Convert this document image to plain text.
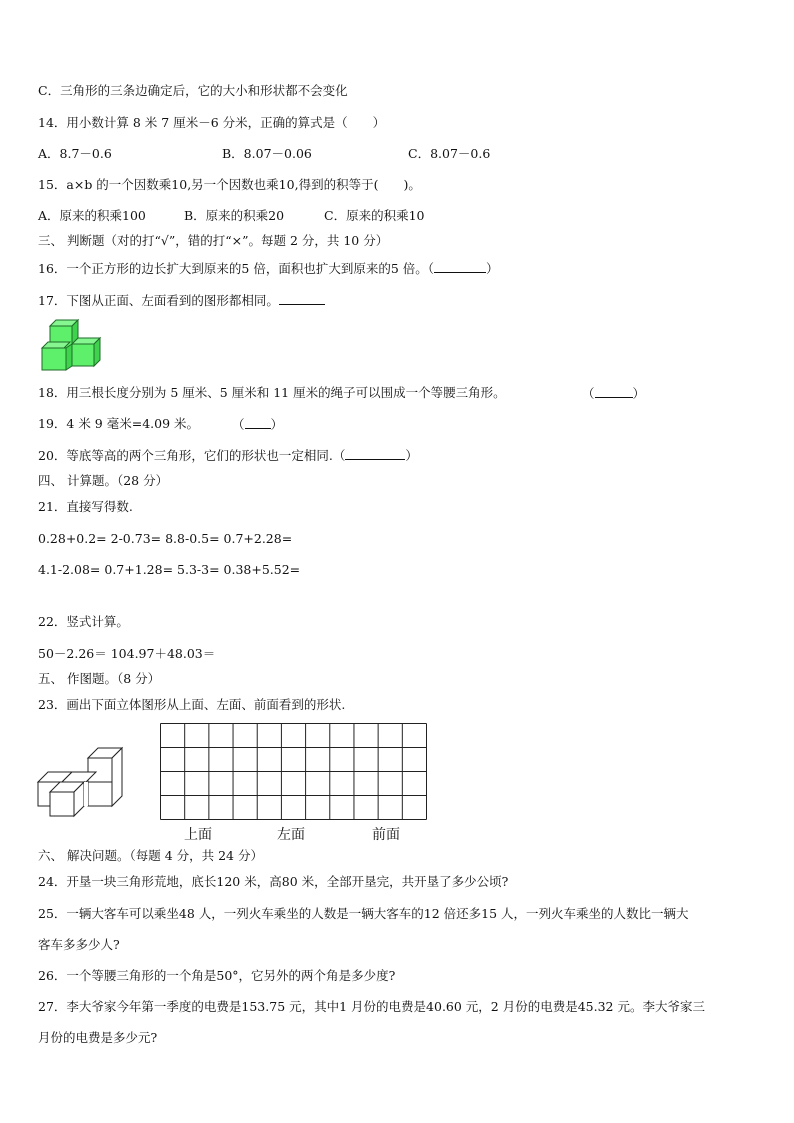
C．三角形的三条边确定后，它的大小和形状都不会变化
14．用小数计算 8 米 7 厘米－6 分米，正确的算式是（　　）
A．8.7－0.6	B．8.07－0.06	C．8.07－0.6
15．a×b 的一个因数乘10,另一个因数也乘10,得到的积等于(　　)。
A．原来的积乘100	B．原来的积乘20	C．原来的积乘10
三、 判断题（对的打“√”，错的打“×”。每题 2 分，共 10 分）
16．一个正方形的边长扩大到原来的5 倍，面积也扩大到原来的5 倍。（	）
17．下图从正面、左面看到的图形都相同。
18．用三根长度分别为 5 厘米、5 厘米和 11 厘米的绳子可以围成一个等腰三角形。	（	）
19．4 米 9 毫米=4.09 米。	（ ）
20．等底等高的两个三角形，它们的形状也一定相同.（	）
四、 计算题。（28 分）
21．直接写得数.
0.28+0.2= 2-0.73= 8.8-0.5= 0.7+2.28=
4.1-2.08= 0.7+1.28= 5.3-3= 0.38+5.52=
22．竖式计算。
50－2.26＝ 104.97＋48.03＝
五、 作图题。（8 分）
23．画出下面立体图形从上面、左面、前面看到的形状.
上面	左面	前面
六、 解决问题。（每题 4 分，共 24 分）
24．开垦一块三角形荒地，底长120 米，高80 米，全部开垦完，共开垦了多少公顷?
25．一辆大客车可以乘坐48 人，一列火车乘坐的人数是一辆大客车的12 倍还多15 人，一列火车乘坐的人数比一辆大
客车多多少人?
26．一个等腰三角形的一个角是50°，它另外的两个角是多少度?
27．李大爷家今年第一季度的电费是153.75 元，其中1 月份的电费是40.60 元，2 月份的电费是45.32 元。李大爷家三
月份的电费是多少元?
